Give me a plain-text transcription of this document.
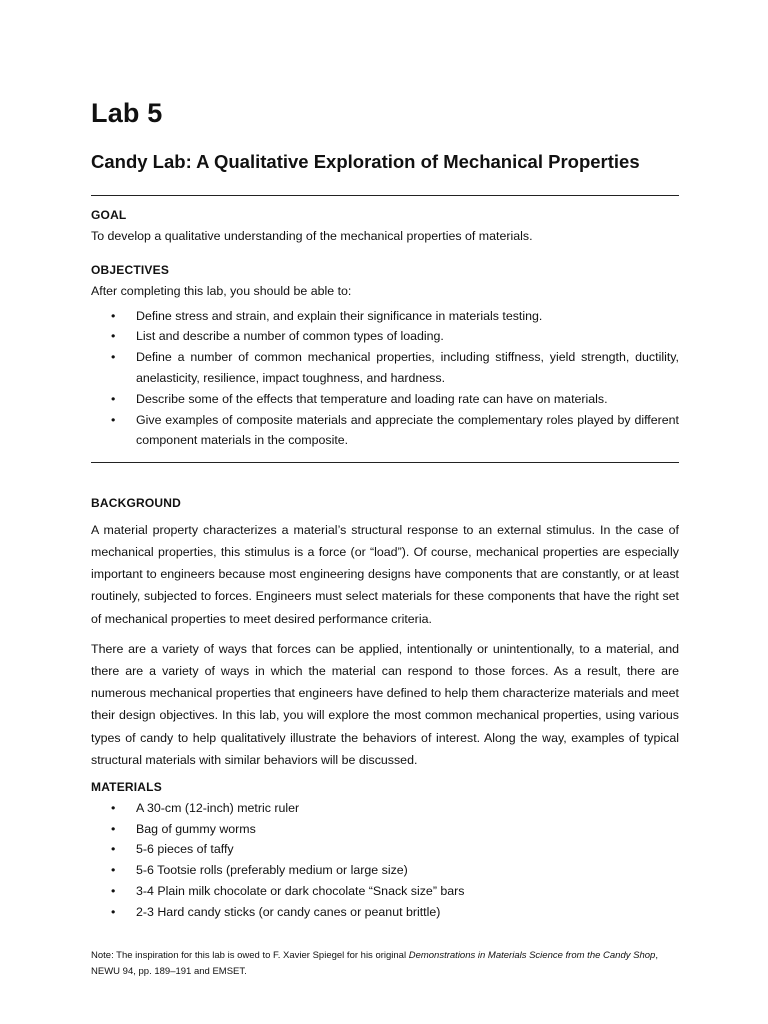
Lab 5
Candy Lab: A Qualitative Exploration of Mechanical Properties
GOAL
To develop a qualitative understanding of the mechanical properties of materials.
OBJECTIVES
After completing this lab, you should be able to:
• Define stress and strain, and explain their significance in materials testing.
• List and describe a number of common types of loading.
• Define a number of common mechanical properties, including stiffness, yield strength, ductility, anelasticity, resilience, impact toughness, and hardness.
• Describe some of the effects that temperature and loading rate can have on materials.
• Give examples of composite materials and appreciate the complementary roles played by different component materials in the composite.
BACKGROUND

A material property characterizes a material’s structural response to an external stimulus. In the case of mechanical properties, this stimulus is a force (or “load”). Of course, mechanical properties are especially important to engineers because most engineering designs have components that are constantly, or at least routinely, subjected to forces. Engineers must select materials for these components that have the right set of mechanical properties to meet desired performance criteria.

There are a variety of ways that forces can be applied, intentionally or unintentionally, to a material, and there are a variety of ways in which the material can respond to those forces. As a result, there are numerous mechanical properties that engineers have defined to help them characterize materials and meet their design objectives. In this lab, you will explore the most common mechanical properties, using various types of candy to help qualitatively illustrate the behaviors of interest. Along the way, examples of typical structural materials with similar behaviors will be discussed.

MATERIALS
• A 30-cm (12-inch) metric ruler
• Bag of gummy worms
• 5-6 pieces of taffy
• 5-6 Tootsie rolls (preferably medium or large size)
• 3-4 Plain milk chocolate or dark chocolate “Snack size” bars
• 2-3 Hard candy sticks (or candy canes or peanut brittle)
Note: The inspiration for this lab is owed to F. Xavier Spiegel for his original Demonstrations in Materials Science from the Candy Shop, NEWU 94, pp. 189–191 and EMSET.
